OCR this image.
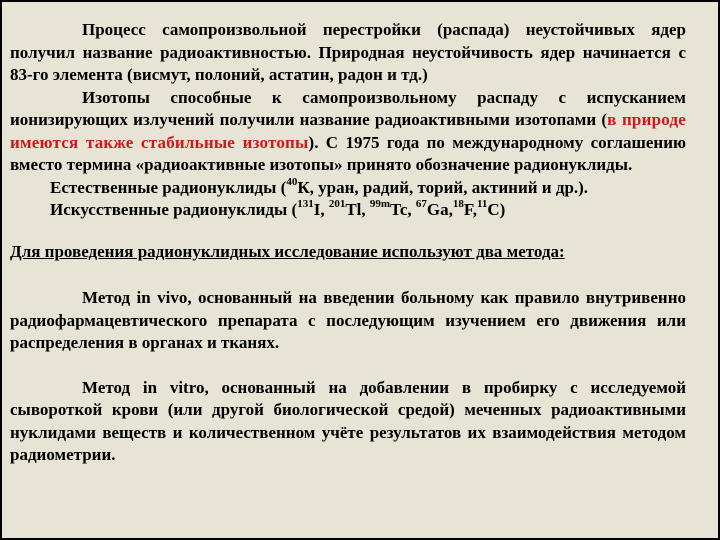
Процесс самопроизвольной перестройки (распада) неустойчивых ядер получил название радиоактивностью. Природная неустойчивость ядер начинается с 83-го элемента (висмут, полоний, астатин, радон и тд.)

Изотопы способные к самопроизвольному распаду с испусканием ионизирующих излучений получили название радиоактивными изотопами (в природе имеются также стабильные изотопы). С 1975 года по международному соглашению вместо термина «радиоактивные изотопы» принято обозначение радионуклиды.

Естественные радионуклиды ($^{40}$К, уран, радий, торий, актиний и др.).

Искусственные радионуклиды ($^{131}$I, $^{201}$Tl, $^{99m}$Tc, $^{67}$Ga,$^{18}$F,$^{11}$C)

Для проведения радионуклидных исследование используют два метода:

Метод in vivo, основанный на введении больному как правило внутривенно радиофармацевтического препарата с последующим изучением его движения или распределения в органах и тканях.

Метод in vitro, основанный на добавлении в пробирку с исследуемой сывороткой крови (или другой биологической средой) меченных радиоактивными нуклидами веществ и количественном учёте результатов их взаимодействия методом радиометрии.
